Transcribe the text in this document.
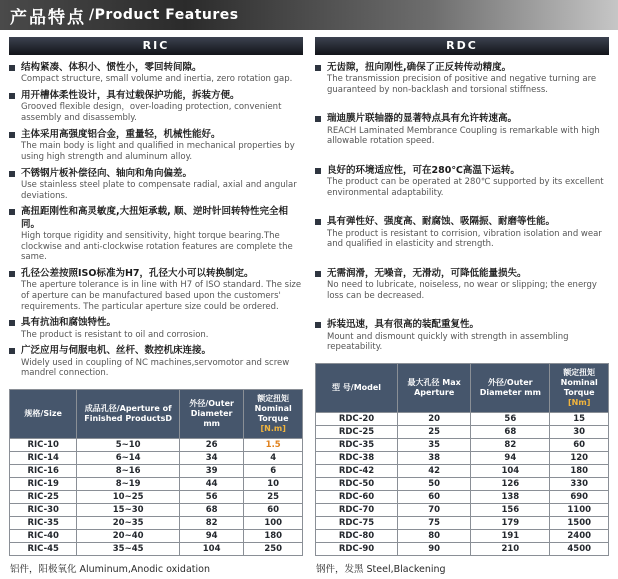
产品特点 /Product Features
RIC
结构紧凑、体积小、惯性小，零回转间隙。
Compact structure, small volume and inertia, zero rotation gap.
用开槽体柔性设计，具有过载保护功能，拆装方便。
Grooved flexible design，over-loading protection, convenient assembly and disassembly.
主体采用高强度铝合金，重量轻，机械性能好。
The main body is light and qualified in mechanical properties by using high strength and aluminum alloy.
不锈钢片板补偿径向、轴向和角向偏差。
Use stainless steel plate to compensate radial, axial and angular deviations.
高扭距刚性和高灵敏度,大扭矩承载, 顺、逆时针回转特性完全相同。
High torque rigidity and sensitivity, hight torque bearing.The clockwise and anti-clockwise rotation features are complete the same.
孔径公差按照ISO标准为H7，孔径大小可以转换制定。
The aperture tolerance is in line with H7 of ISO standard. The size of aperture can be manufactured based upon the customers' requirements. The particular aperture size could be ordered.
具有抗油和腐蚀特性。
The product is resistant to oil and corrosion.
广泛应用与伺服电机、丝杆、数控机床连接。
Widely used in coupling of NC machines,servomotor and screw mandrel connection.
规格/Size	成品孔径/Aperture of Finished ProductsD	外径/Outer Diameter mm	额定扭矩 Nominal Torque
[N.m]

RIC-10	5~10	26	1.5
RIC-14	6~14	34	4
RIC-16	8~16	39	6
RIC-19	8~19	44	10
RIC-25	10~25	56	25
RIC-30	15~30	68	60
RIC-35	20~35	82	100
RIC-40	20~40	94	180
RIC-45	35~45	104	250
铝件，阳极氧化 Aluminum,Anodic oxidation
RDC
无齿隙，扭向刚性,确保了正反转传动精度。
The transmission precision of positive and negative turning are guaranteed by non-backlash and torsional stiffness.
瑞迪膜片联轴器的显著特点具有允许转速高。
REACH Laminated Membrance Coupling is remarkable with high allowable rotation speed.
良好的环境适应性，可在280℃高温下运转。
The product can be operated at 280℃ supported by its excellent environmental adaptability.
具有弹性好、强度高、耐腐蚀、吸隔振、耐磨等性能。
The product is resistant to corrision, vibration isolation and wear and qualified in elasticity and strength.
无需润滑，无噪音，无滑动，可降低能量损失。
No need to lubricate, noiseless, no wear or slipping; the energy loss can be decreased.
拆装迅速，具有很高的装配重复性。
Mount and dismount quickly with strength in assembling repeatability.
型 号/Model	最大孔径 Max Aperture	外径/Outer Diameter mm	额定扭矩 Nominal Torque
[Nm]

RDC-20	20	56	15
RDC-25	25	68	30
RDC-35	35	82	60
RDC-38	38	94	120
RDC-42	42	104	180
RDC-50	50	126	330
RDC-60	60	138	690
RDC-70	70	156	1100
RDC-75	75	179	1500
RDC-80	80	191	2400
RDC-90	90	210	4500
钢件，发黑 Steel,Blackening
